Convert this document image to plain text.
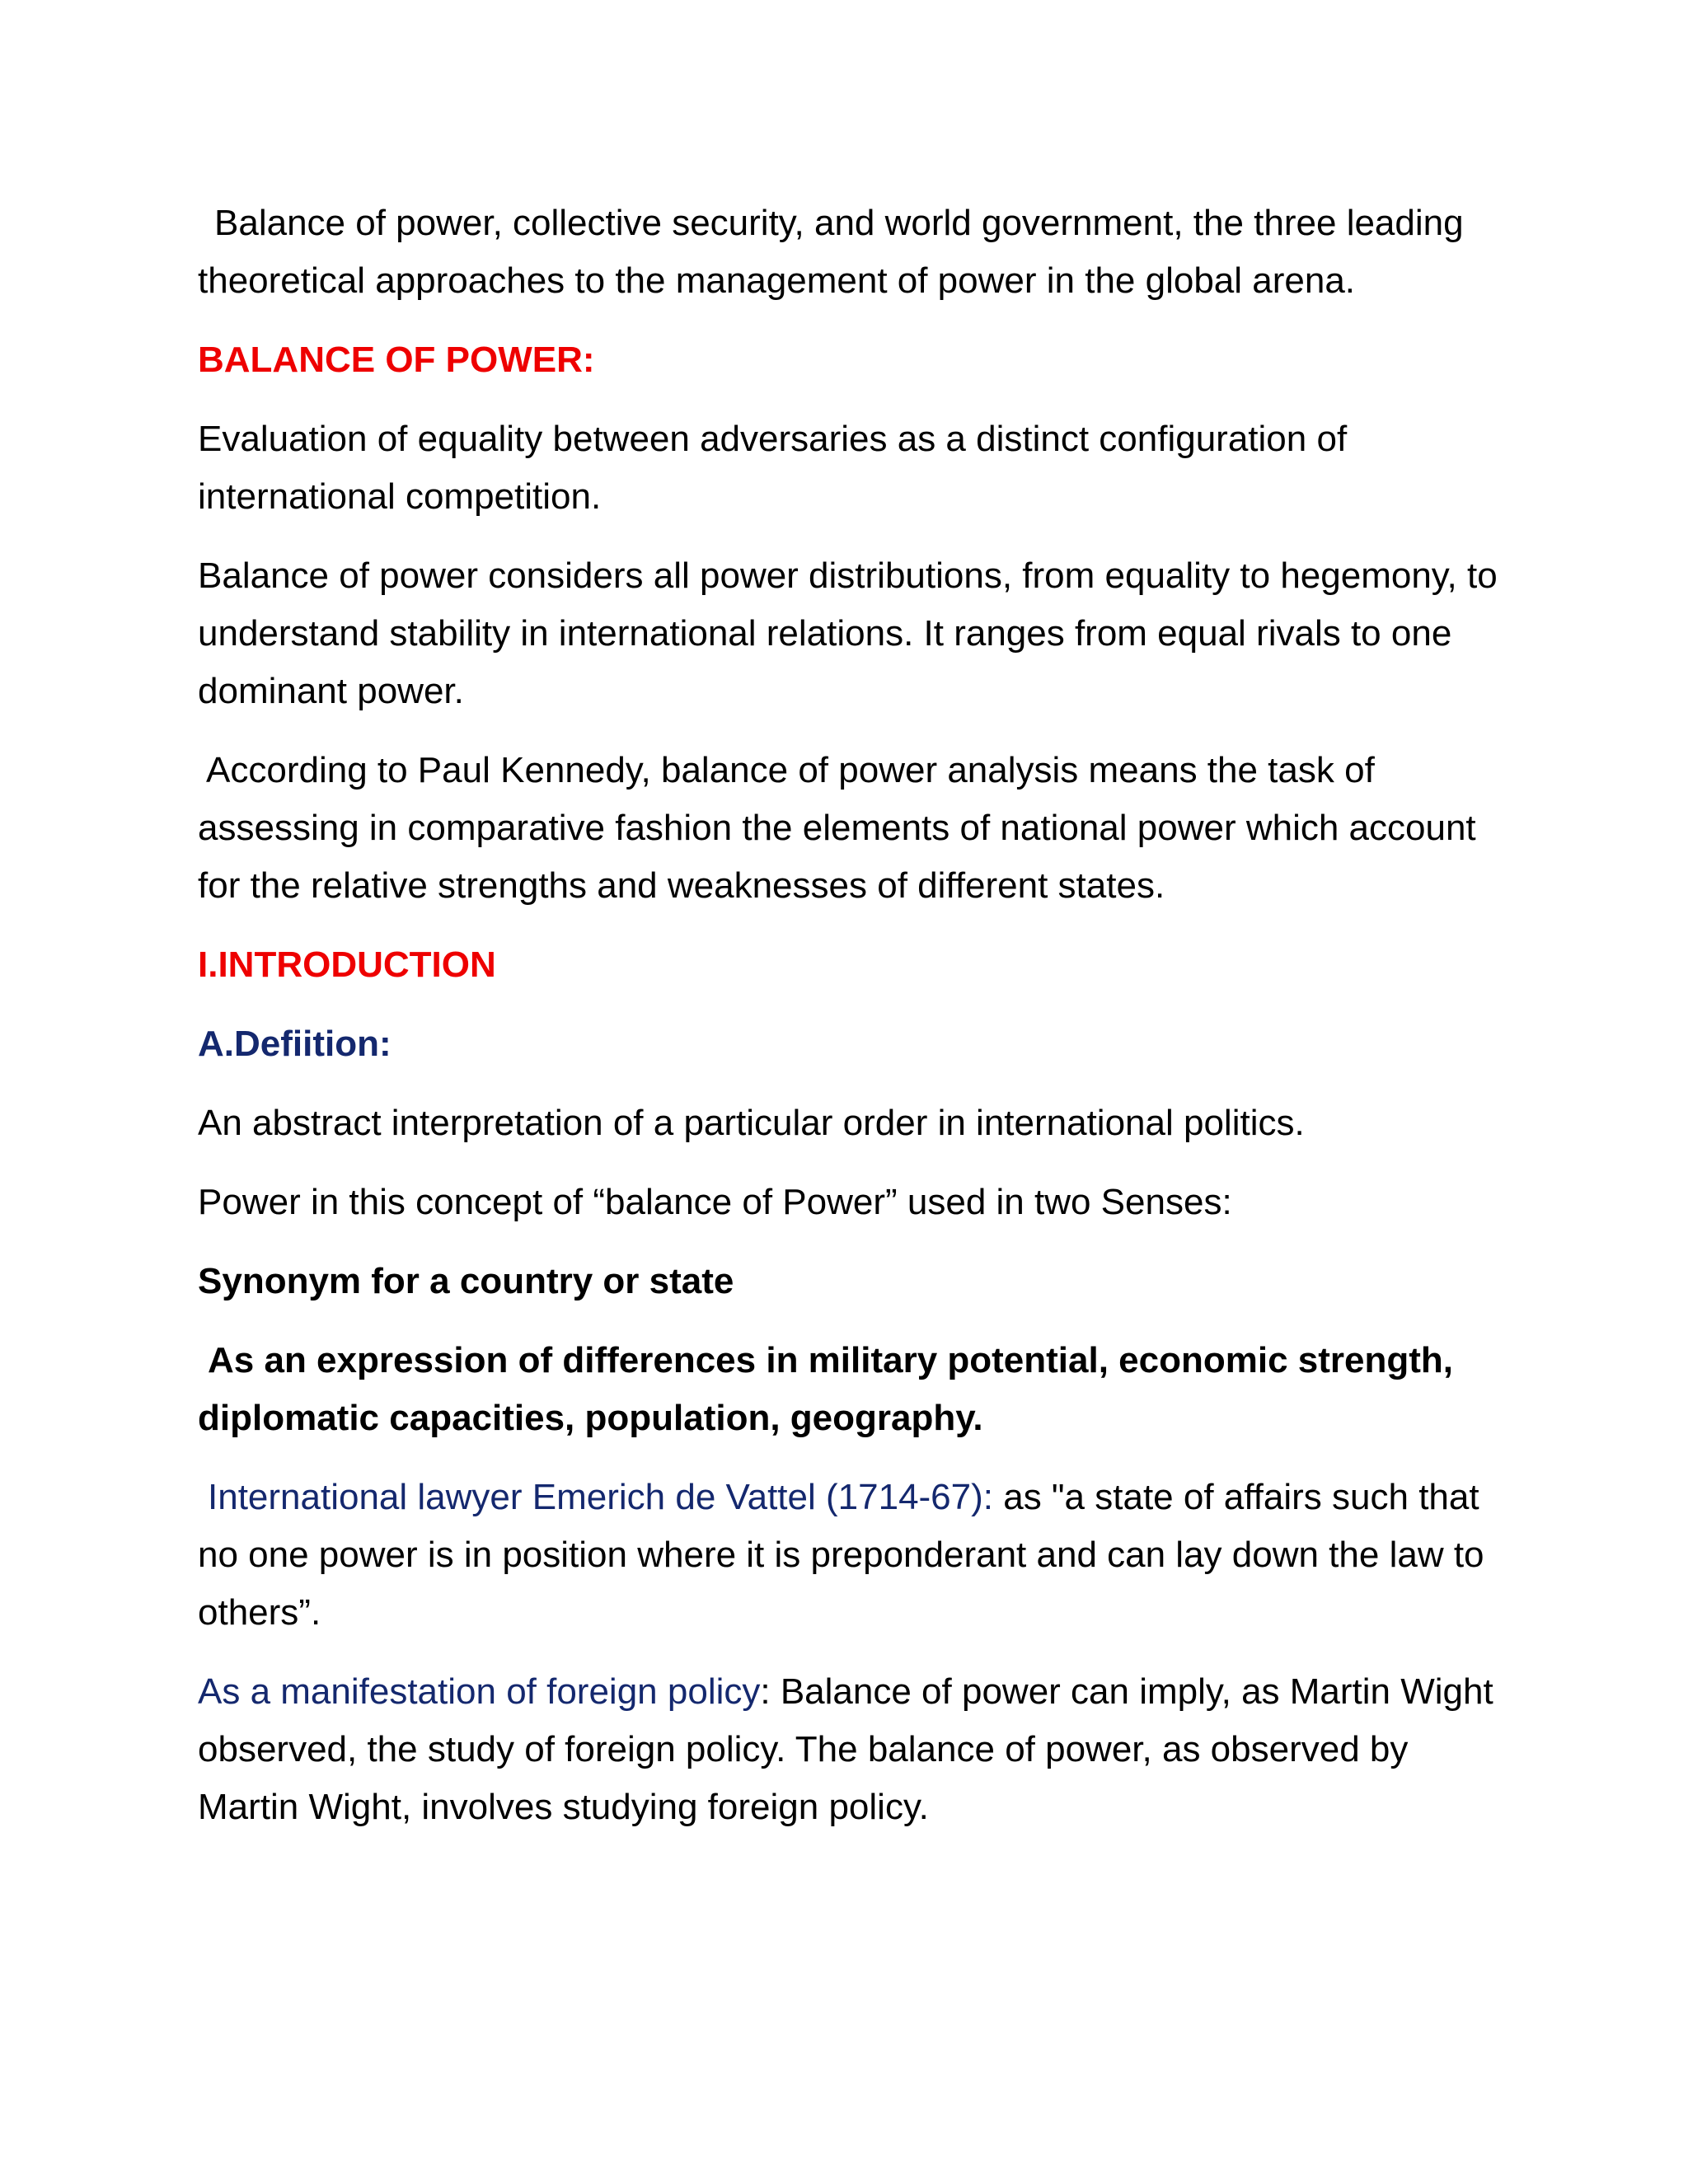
Balance of power, collective security, and world government, the three leading theoretical approaches to the management of power in the global arena.

BALANCE OF POWER:

Evaluation of equality between adversaries as a distinct configuration of international competition.

Balance of power considers all power distributions, from equality to hegemony, to understand stability in international relations. It ranges from equal rivals to one dominant power.

According to Paul Kennedy, balance of power analysis means the task of assessing in comparative fashion the elements of national power which account for the relative strengths and weaknesses of different states.

I.INTRODUCTION
A.Defiition:

An abstract interpretation of a particular order in international politics.

Power in this concept of “balance of Power” used in two Senses:

Synonym for a country or state

As an expression of differences in military potential, economic strength, diplomatic capacities, population, geography.

International lawyer Emerich de Vattel (1714-67): as "a state of affairs such that no one power is in position where it is preponderant and can lay down the law to others”.

As a manifestation of foreign policy: Balance of power can imply, as Martin Wight observed, the study of foreign policy. The balance of power, as observed by Martin Wight, involves studying foreign policy.
